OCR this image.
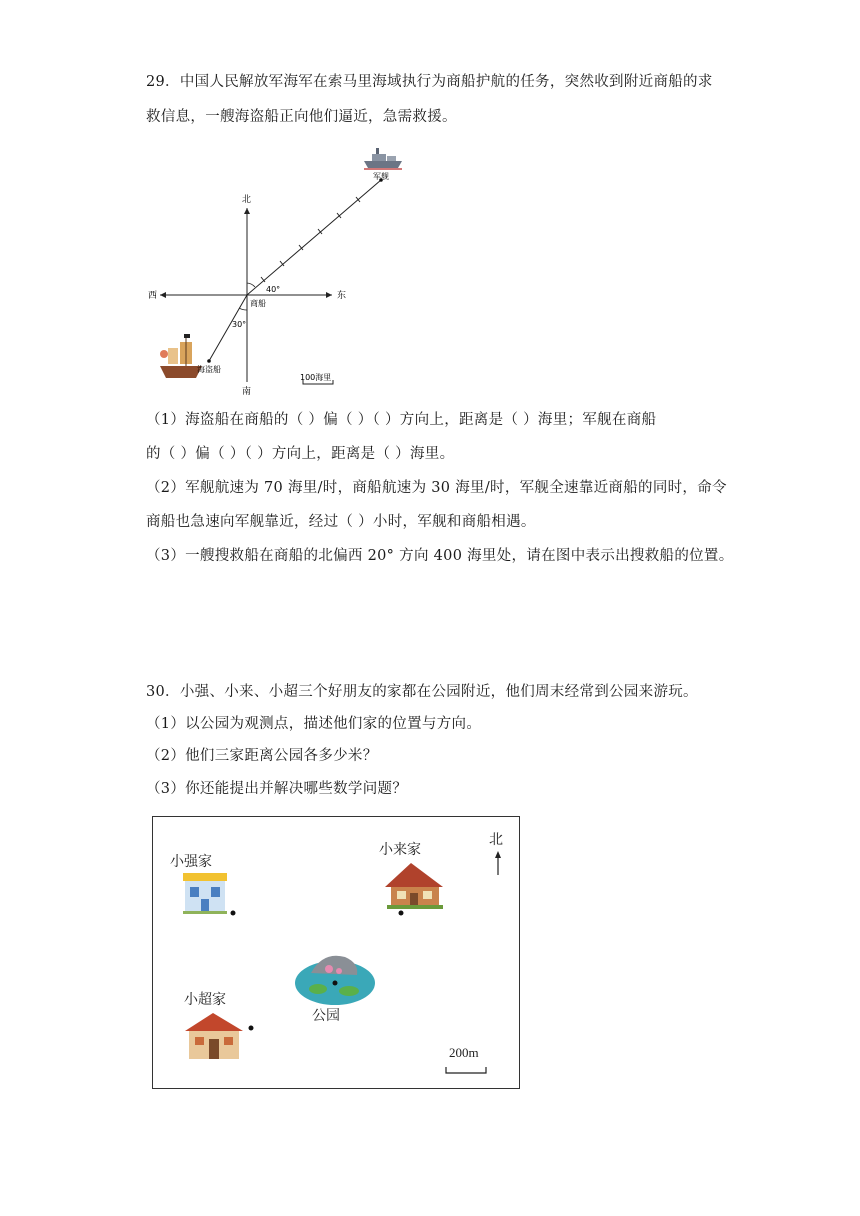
29．中国人民解放军海军在索马里海域执行为商船护航的任务，突然收到附近商船的求
救信息，一艘海盗船正向他们逼近，急需救援。
北
南
东
西
军舰
海盗船
商船
40°
30°
100海里
（1）海盗船在商船的（ ）偏（ ）（ ）方向上，距离是（ ）海里；军舰在商船
的（ ）偏（ ）（ ）方向上，距离是（ ）海里。
（2）军舰航速为 70 海里/时，商船航速为 30 海里/时，军舰全速靠近商船的同时，命令
商船也急速向军舰靠近，经过（ ）小时，军舰和商船相遇。
（3）一艘搜救船在商船的北偏西 20° 方向 400 海里处，请在图中表示出搜救船的位置。
30．小强、小来、小超三个好朋友的家都在公园附近，他们周末经常到公园来游玩。
（1）以公园为观测点，描述他们家的位置与方向。
（2）他们三家距离公园各多少米？
（3）你还能提出并解决哪些数学问题？
小强家
小来家
小超家
公园
北
200m
